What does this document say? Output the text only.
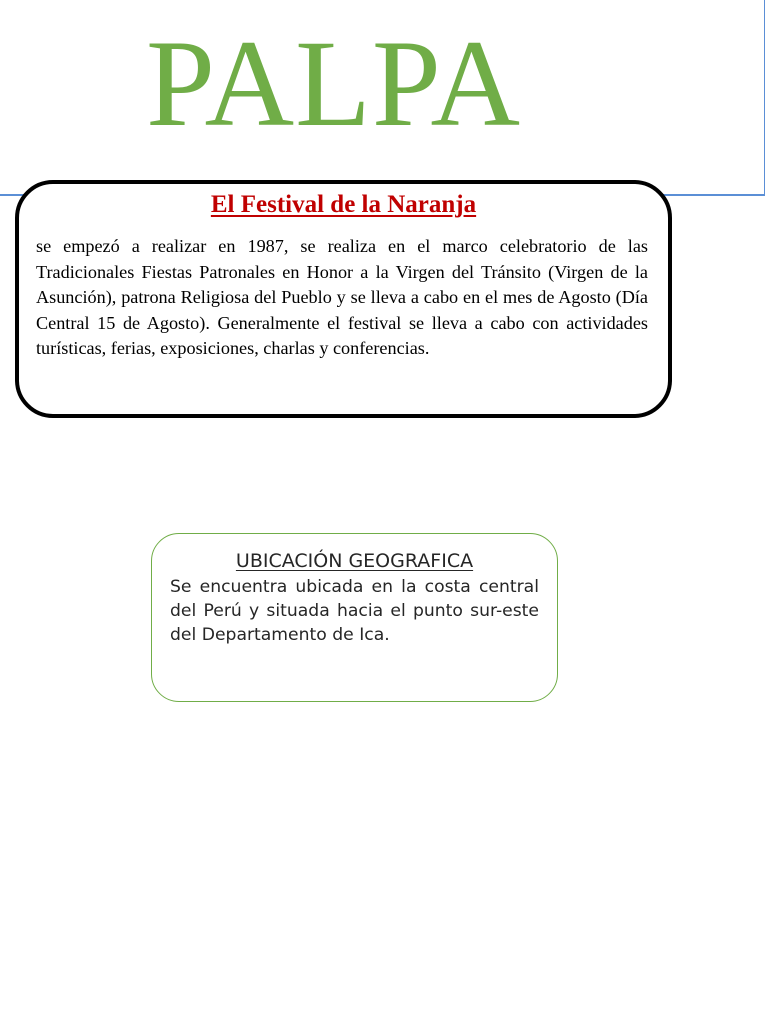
PALPA
El Festival de la Naranja
se empezó a realizar en 1987, se realiza en el marco celebratorio de las Tradicionales Fiestas Patronales en Honor a la Virgen del Tránsito (Virgen de la Asunción), patrona Religiosa del Pueblo y se lleva a cabo en el mes de Agosto (Día Central 15 de Agosto). Generalmente el festival se lleva a cabo con actividades turísticas, ferias, exposiciones, charlas y conferencias.
UBICACIÓN GEOGRAFICA
Se encuentra ubicada en la costa central del Perú y situada hacia el punto sur-este del Departamento de Ica.
